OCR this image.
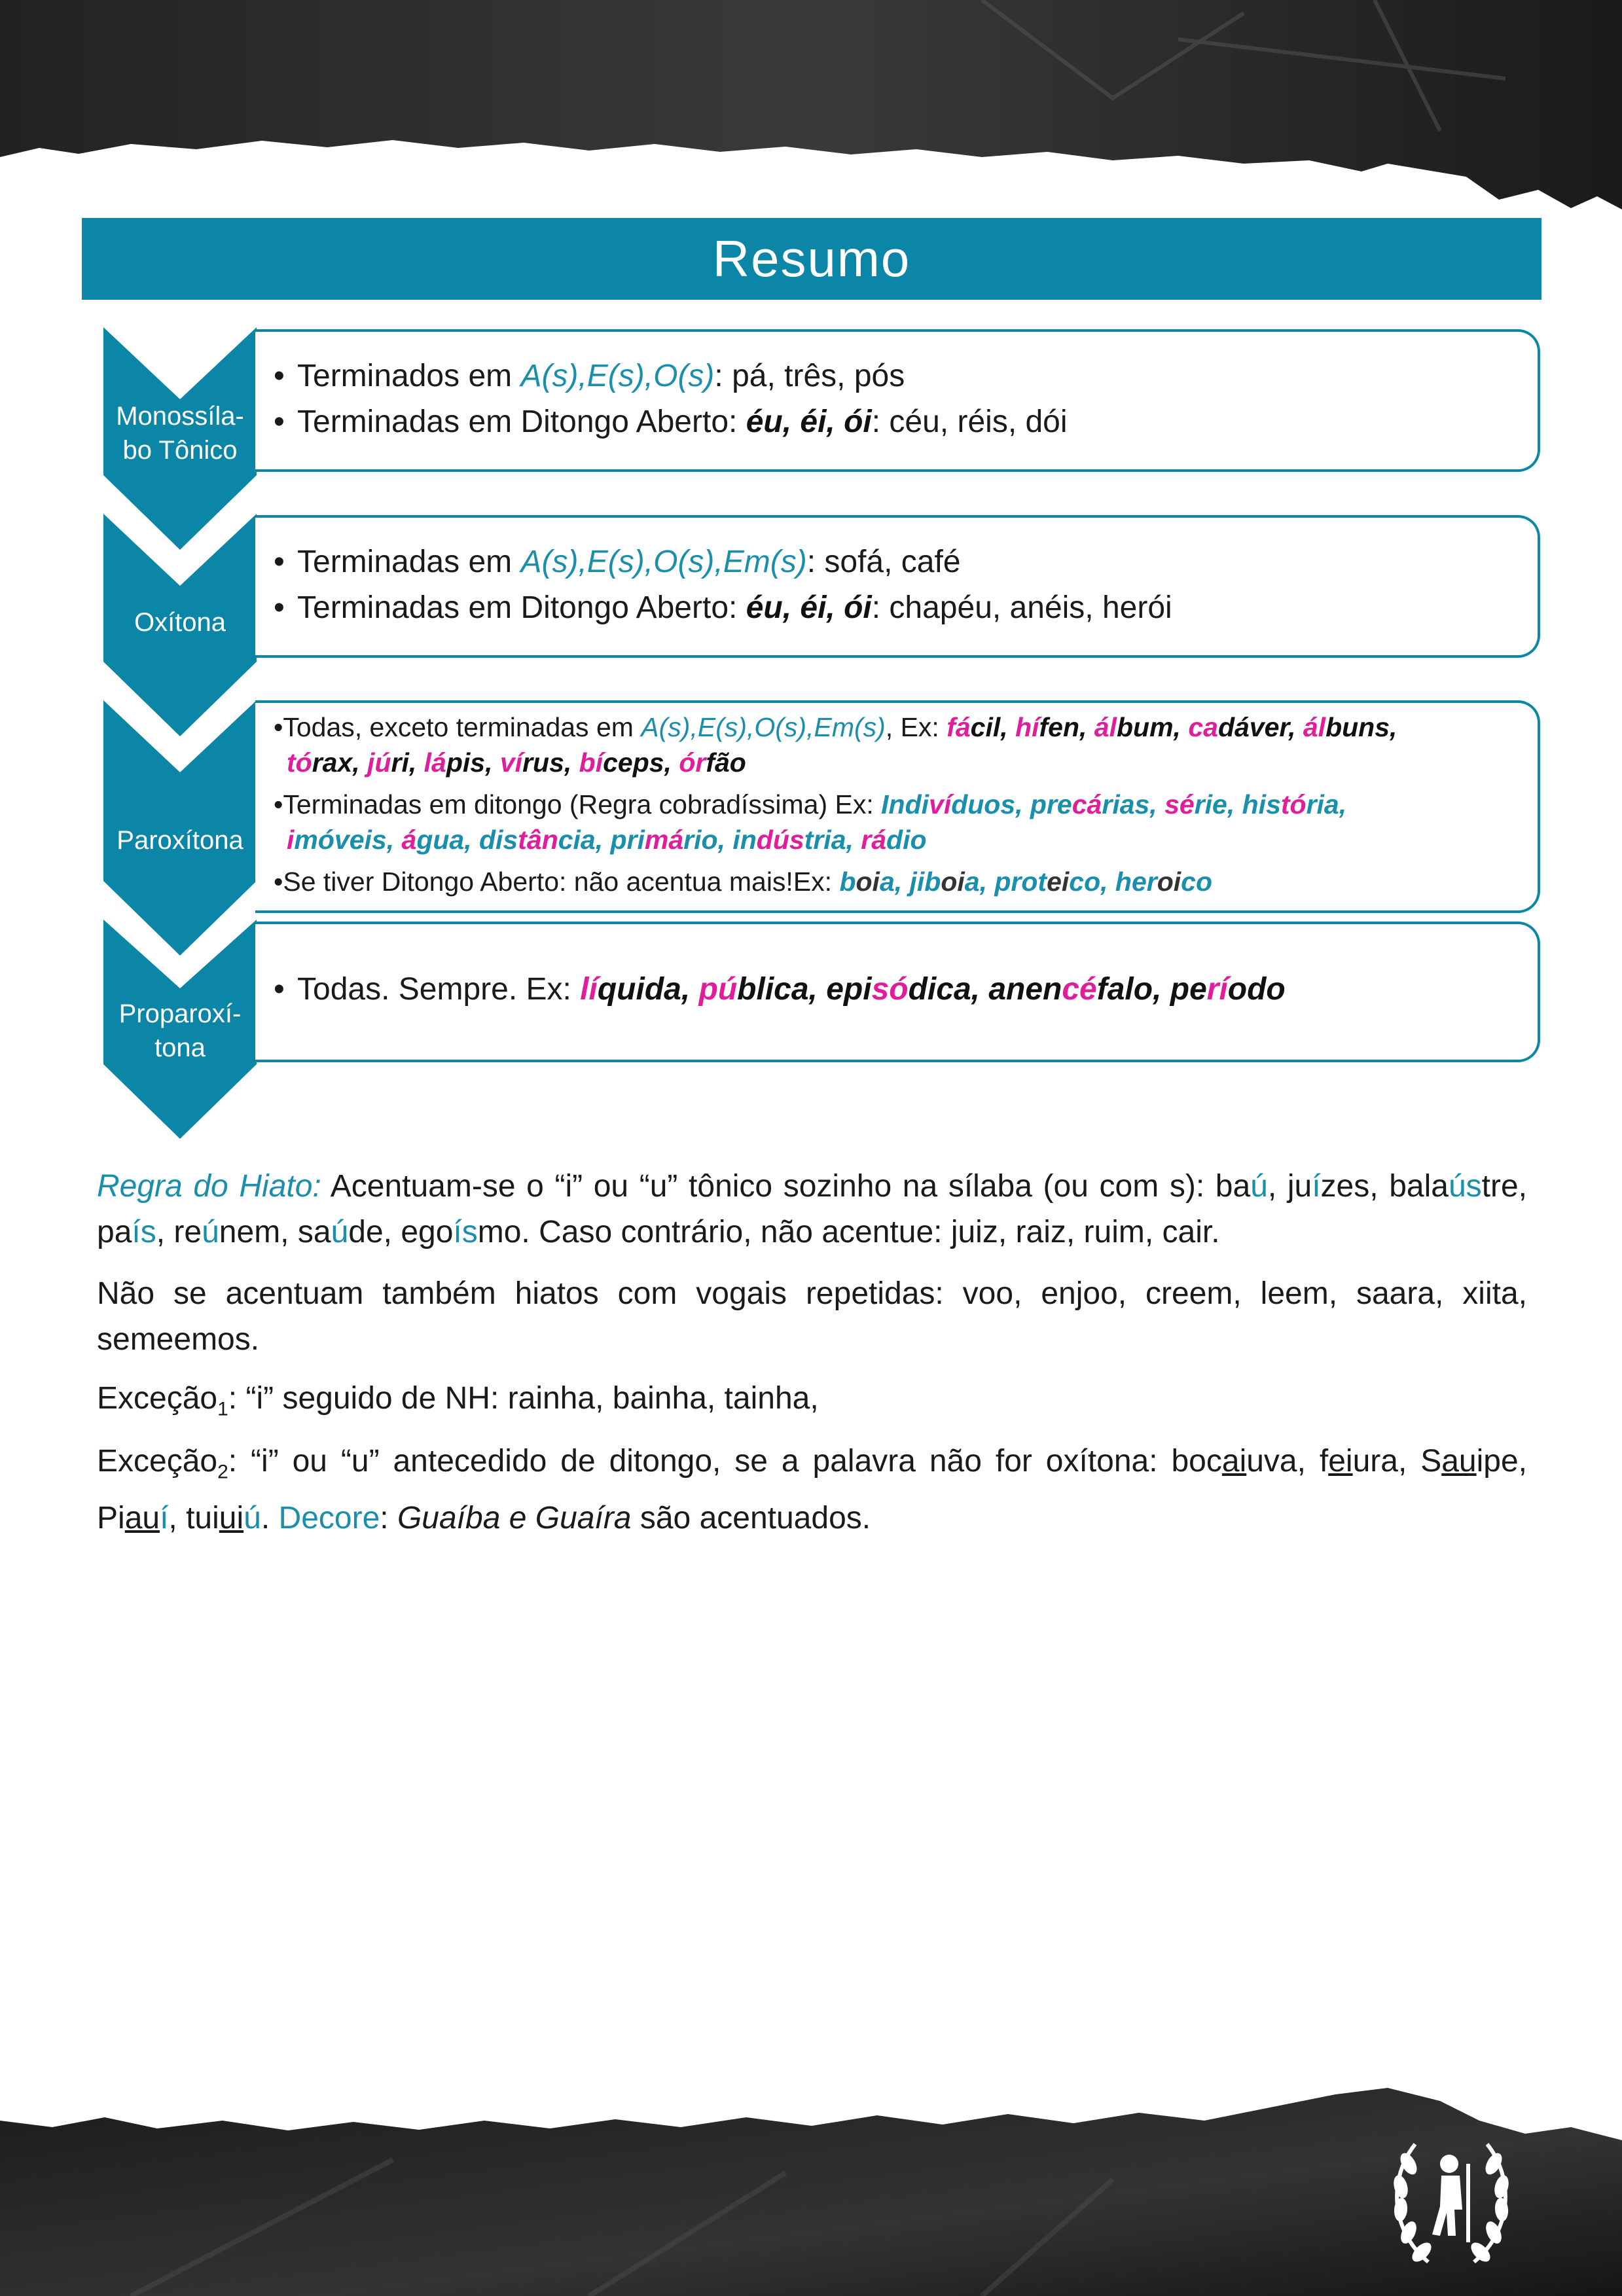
Resumo
Monossíla-
bo Tônico
• Terminados em A(s),E(s),O(s): pá, três, pós
• Terminadas em Ditongo Aberto: éu, éi, ói: céu, réis, dói
Oxítona
• Terminadas em A(s),E(s),O(s),Em(s): sofá, café
• Terminadas em Ditongo Aberto: éu, éi, ói: chapéu, anéis, herói
Paroxítona
•Todas, exceto terminadas em A(s),E(s),O(s),Em(s), Ex: fácil, hífen, álbum, cadáver, álbuns,
tórax, júri, lápis, vírus, bíceps, órfão
•Terminadas em ditongo (Regra cobradíssima) Ex: Indivíduos, precárias, série, história,
imóveis, água, distância, primário, indústria, rádio
•Se tiver Ditongo Aberto: não acentua mais!Ex: boia, jiboia, proteico, heroico
Proparoxí-
tona
• Todas. Sempre. Ex: líquida, pública, episódica, anencéfalo, período
Regra do Hiato: Acentuam-se o “i” ou “u” tônico sozinho na sílaba (ou com s): baú, juízes, balaústre, país, reúnem, saúde, egoísmo. Caso contrário, não acentue: juiz, raiz, ruim, cair.
Não se acentuam também hiatos com vogais repetidas: voo, enjoo, creem, leem, saara, xiita, semeemos.
Exceção$_1$: “i” seguido de NH: rainha, bainha, tainha,
Exceção$_2$: “i” ou “u” antecedido de ditongo, se a palavra não for oxítona: bocaiuva, feiura, Sauipe, Piauí, tuiuiú. Decore: Guaíba e Guaíra são acentuados.
